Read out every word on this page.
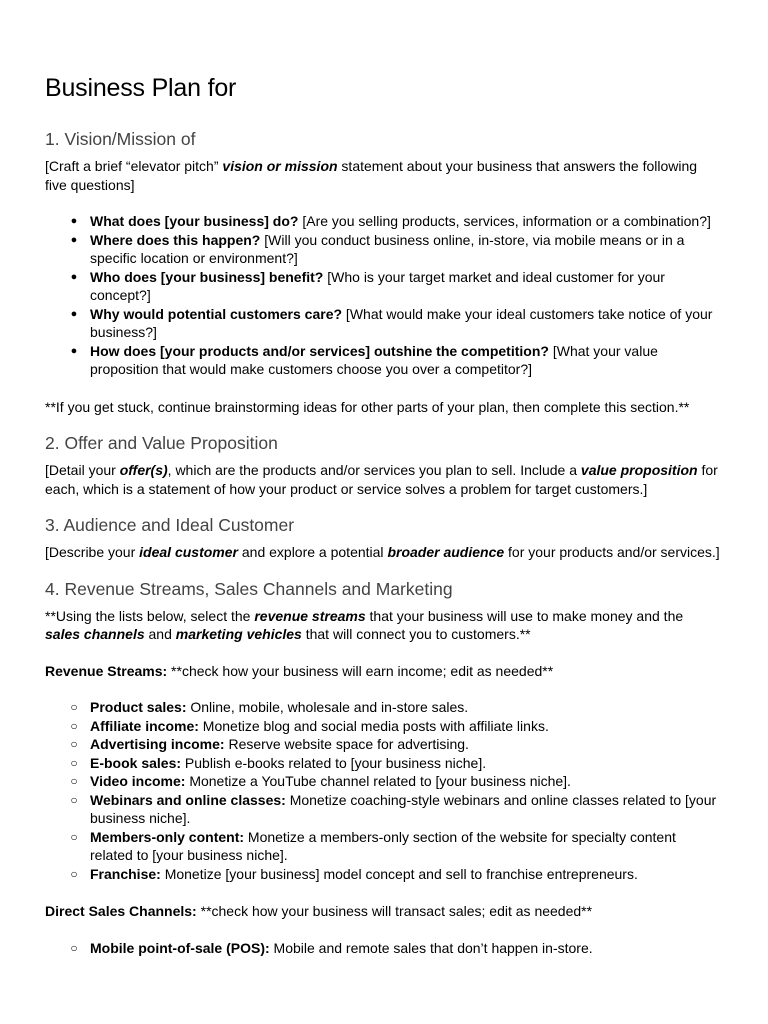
Business Plan for
1. Vision/Mission of

[Craft a brief “elevator pitch” vision or mission statement about your business that answers the following five questions]

● What does [your business] do? [Are you selling products, services, information or a combination?]
● Where does this happen? [Will you conduct business online, in-store, via mobile means or in a specific location or environment?]
● Who does [your business] benefit? [Who is your target market and ideal customer for your concept?]
● Why would potential customers care? [What would make your ideal customers take notice of your business?]
● How does [your products and/or services] outshine the competition? [What your value proposition that would make customers choose you over a competitor?]

**If you get stuck, continue brainstorming ideas for other parts of your plan, then complete this section.**

2. Offer and Value Proposition

[Detail your offer(s), which are the products and/or services you plan to sell. Include a value proposition for each, which is a statement of how your product or service solves a problem for target customers.]

3. Audience and Ideal Customer

[Describe your ideal customer and explore a potential broader audience for your products and/or services.]

4. Revenue Streams, Sales Channels and Marketing

**Using the lists below, select the revenue streams that your business will use to make money and the sales channels and marketing vehicles that will connect you to customers.**

Revenue Streams: **check how your business will earn income; edit as needed**

○ Product sales: Online, mobile, wholesale and in-store sales.
○ Affiliate income: Monetize blog and social media posts with affiliate links.
○ Advertising income: Reserve website space for advertising.
○ E-book sales: Publish e-books related to [your business niche].
○ Video income: Monetize a YouTube channel related to [your business niche].
○ Webinars and online classes: Monetize coaching-style webinars and online classes related to [your business niche].
○ Members-only content: Monetize a members-only section of the website for specialty content related to [your business niche].
○ Franchise: Monetize [your business] model concept and sell to franchise entrepreneurs.

Direct Sales Channels: **check how your business will transact sales; edit as needed**

○ Mobile point-of-sale (POS): Mobile and remote sales that don’t happen in-store.
